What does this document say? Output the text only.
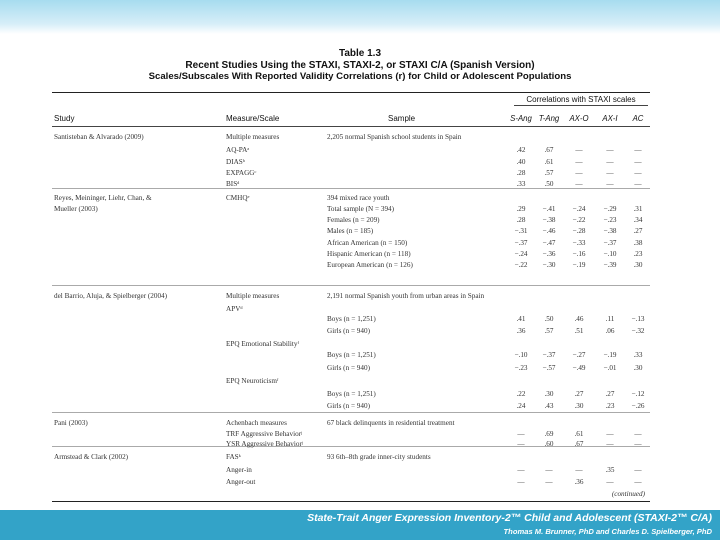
Table 1.3
Recent Studies Using the STAXI, STAXI-2, or STAXI C/A (Spanish Version)
Scales/Subscales With Reported Validity Correlations (r) for Child or Adolescent Populations
Study	Measure/Scale	Sample
Correlations with STAXI scales
S-Ang T-Ang	AX-O	AX-I	AC
Santisteban & Alvarado (2009)	Multiple measures	2,205 normal Spanish school students in Spain
AQ-PAᵃ	.42	.67	—	—	—
DIASᵇ	.40	.61	—	—	—
EXPAGGᶜ	.28	.57	—	—	—
BISᵈ	.33	.50	—	—	—
Reyes, Meininger, Liehr, Chan, &	CMHQᵉ	394 mixed race youth
Mueller (2003)	Total sample (N = 394)	.29	−.41	−.24	−.29	.31
Females (n = 209)	.28	−.38	−.22	−.23	.34
Males (n = 185)	−.31	−.46	−.28	−.38	.27
African American (n = 150)	−.37	−.47	−.33	−.37	.38
Hispanic American (n = 118)	−.24	−.36	−.16	−.10	.23
European American (n = 126)	−.22	−.30	−.19	−.39	.30
del Barrio, Aluja, & Spielberger (2004)	Multiple measures	2,191 normal Spanish youth from urban areas in Spain
APVᵈ
Boys (n = 1,251)	.41	.50	.46	.11	−.13
Girls (n = 940)	.36	.57	.51	.06	−.32
EPQ Emotional Stabilityᶠ
Boys (n = 1,251)	−.10	−.37	−.27	−.19	.33
Girls (n = 940)	−.23	−.57	−.49	−.01	.30
EPQ Neuroticismᶠ
Boys (n = 1,251)	.22	.30	.27	.27	−.12
Girls (n = 940)	.24	.43	.30	.23	−.26
Pani (2003)	Achenbach measures	67 black delinquents in residential treatment
TRF Aggressive Behaviorʲ	—	.69	.61	—	—
YSR Aggressive Behaviorʲ	—	.60	.67	—	—
Armstead & Clark (2002)	FASᵏ	93 6th–8th grade inner-city students
Anger-in	—	—	—	.35	—
Anger-out	—	—	.36	—	—
(continued)
State-Trait Anger Expression Inventory-2™ Child and Adolescent (STAXI-2™ C/A)
Thomas M. Brunner, PhD and Charles D. Spielberger, PhD
